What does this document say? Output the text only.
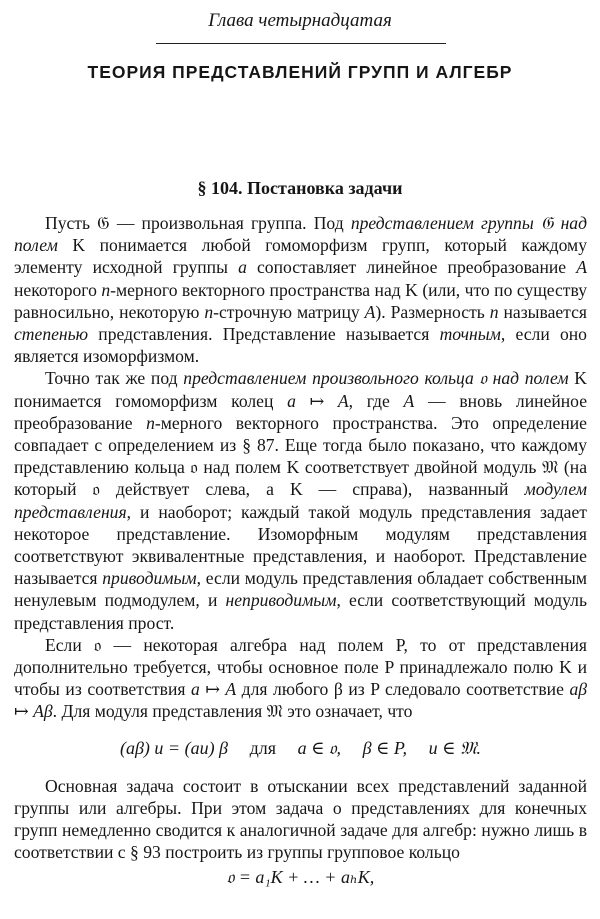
Глава четырнадцатая
ТЕОРИЯ ПРЕДСТАВЛЕНИЙ ГРУПП И АЛГЕБР
§ 104. Постановка задачи

Пусть 𝔊 — произвольная группа. Под представлением группы 𝔊 над полем K понимается любой гомоморфизм групп, который каждому элементу исходной группы a сопоставляет линейное преобразование A некоторого n-мерного векторного пространства над K (или, что по существу равносильно, некоторую n-строчную матрицу A). Размерность n называется степенью представления. Представление называется точным, если оно является изоморфизмом.

Точно так же под представлением произвольного кольца 𝔬 над полем K понимается гомоморфизм колец a ↦ A, где A — вновь линейное преобразование n-мерного векторного пространства. Это определение совпадает с определением из § 87. Еще тогда было показано, что каждому представлению кольца 𝔬 над полем K соответствует двойной модуль 𝔐 (на который 𝔬 действует слева, а K — справа), названный модулем представления, и наоборот; каждый такой модуль представления задает некоторое представление. Изоморфным модулям представления соответствуют эквивалентные представления, и наоборот. Представление называется приводимым, если модуль представления обладает собственным ненулевым подмодулем, и неприводимым, если соответствующий модуль представления прост.

Если 𝔬 — некоторая алгебра над полем P, то от представления дополнительно требуется, чтобы основное поле P принадлежало полю K и чтобы из соответствия a ↦ A для любого β из P следовало соответствие aβ ↦ Aβ. Для модуля представления 𝔐 это означает, что

(aβ) u = (au) β для a ∈ 𝔬, β ∈ P, u ∈ 𝔐.

Основная задача состоит в отыскании всех представлений заданной группы или алгебры. При этом задача о представлениях для конечных групп немедленно сводится к аналогичной задаче для алгебр: нужно лишь в соответствии с § 93 построить из группы групповое кольцо

𝔬 = a₁K + … + aₕK,
